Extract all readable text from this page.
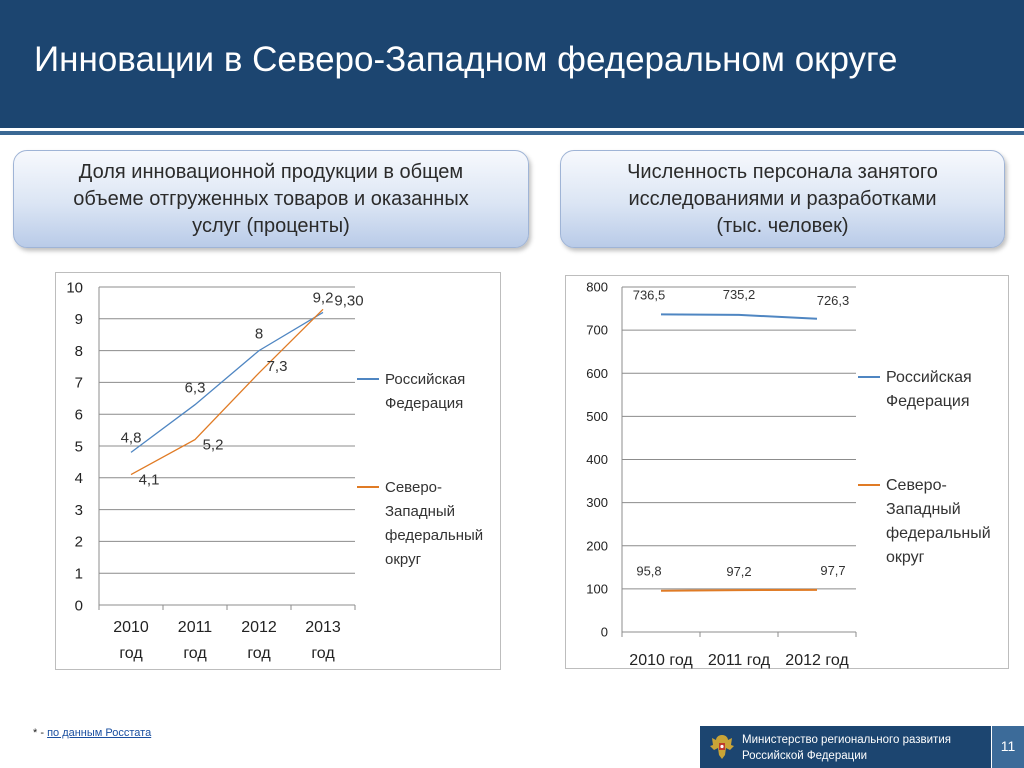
Инновации в Северо-Западном федеральном округе
Доля инновационной продукции в общем
объеме отгруженных товаров и оказанных
услуг (проценты)
Численность персонала занятого
исследованиями и разработками
(тыс. человек)
0
1
2
3
4
5
6
7
8
9
10
2010
год
2011
год
2012
год
2013
год
4,8
6,3
8
9,2
Российская
Федерация
4,1
5,2
7,3
9,30
Северо-
Западный
федеральный
округ
0
100
200
300
400
500
600
700
800
2010 год 2011 год 2012 год
736,5	735,2	726,3
Российская
Федерация
95,8	97,2	97,7
Северо-
Западный
федеральный
округ
* - по данным Росстата
Министерство регионального развития
Российской Федерации
11
